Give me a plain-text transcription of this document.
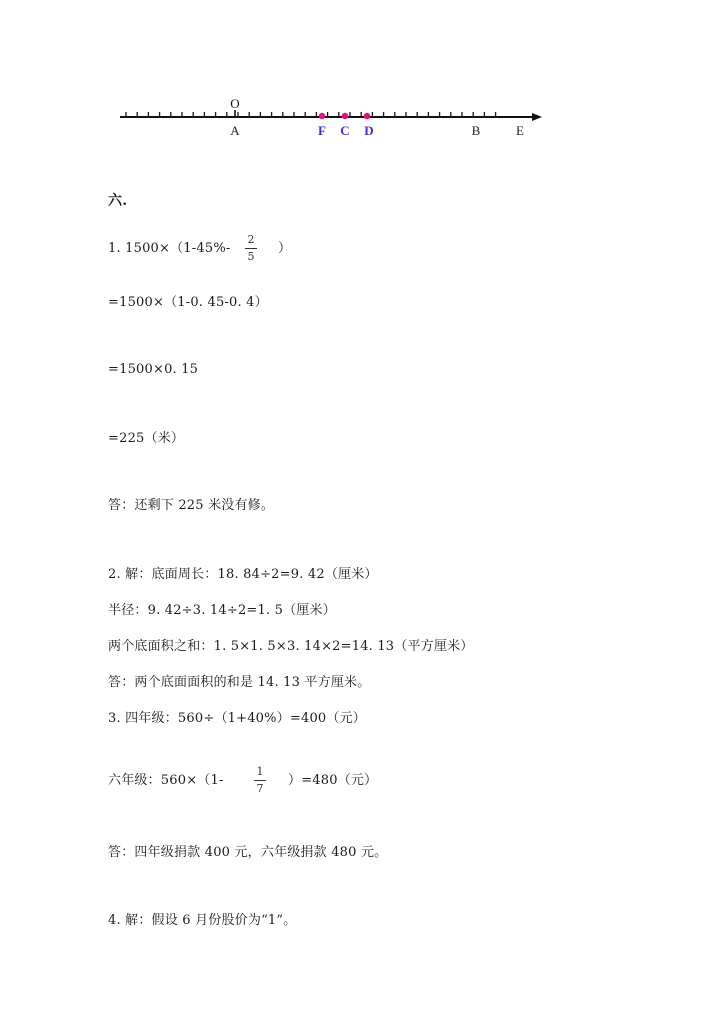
O
A	F C D	B	E
六.
1. 1500×（1-45%-
2
5
）
=1500×（1-0. 45-0. 4）
=1500×0. 15
=225（米）
答：还剩下 225 米没有修。
2. 解：底面周长：18. 84÷2=9. 42（厘米）
半径：9. 42÷3. 14÷2=1. 5（厘米）
两个底面积之和：1. 5×1. 5×3. 14×2=14. 13（平方厘米）
答：两个底面面积的和是 14. 13 平方厘米。
3. 四年级：560÷（1+40%）=400（元）
六年级：560×（1-
1
7
）=480（元）
答：四年级捐款 400 元，六年级捐款 480 元。
4. 解：假设 6 月份股价为“1”。
